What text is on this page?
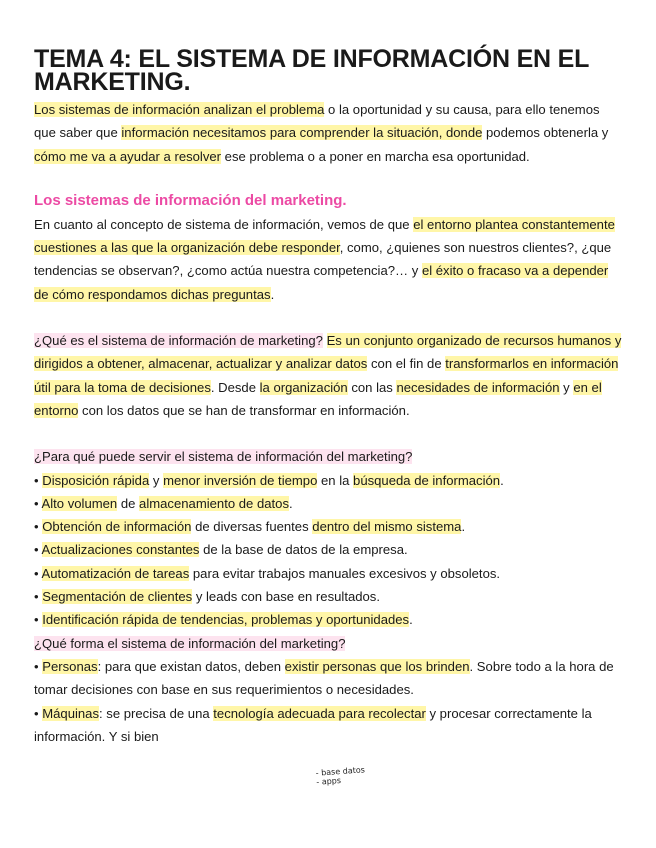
TEMA 4: EL SISTEMA DE INFORMACIÓN EN EL MARKETING.

Los sistemas de información analizan el problema o la oportunidad y su causa, para ello tenemos que saber que información necesitamos para comprender la situación, donde podemos obtenerla y cómo me va a ayudar a resolver ese problema o a poner en marcha esa oportunidad.

Los sistemas de información del marketing.

En cuanto al concepto de sistema de información, vemos de que el entorno plantea constantemente cuestiones a las que la organización debe responder, como, ¿quienes son nuestros clientes?, ¿que tendencias se observan?, ¿como actúa nuestra competencia?… y el éxito o fracaso va a depender de cómo respondamos dichas preguntas.

¿Qué es el sistema de información de marketing? Es un conjunto organizado de recursos humanos y dirigidos a obtener, almacenar, actualizar y analizar datos con el fin de transformarlos en información útil para la toma de decisiones. Desde la organización con las necesidades de información y en el entorno con los datos que se han de transformar en información.

¿Para qué puede servir el sistema de información del marketing?
• Disposición rápida y menor inversión de tiempo en la búsqueda de información.
• Alto volumen de almacenamiento de datos.
• Obtención de información de diversas fuentes dentro del mismo sistema.
• Actualizaciones constantes de la base de datos de la empresa.
• Automatización de tareas para evitar trabajos manuales excesivos y obsoletos.
• Segmentación de clientes y leads con base en resultados.
• Identificación rápida de tendencias, problemas y oportunidades.
¿Qué forma el sistema de información del marketing?

• Personas: para que existan datos, deben existir personas que los brinden. Sobre todo a la hora de tomar decisiones con base en sus requerimientos o necesidades.

• Máquinas: se precisa de una tecnología adecuada para recolectar y procesar correctamente la información. Y si bien

- base datos
- apps
